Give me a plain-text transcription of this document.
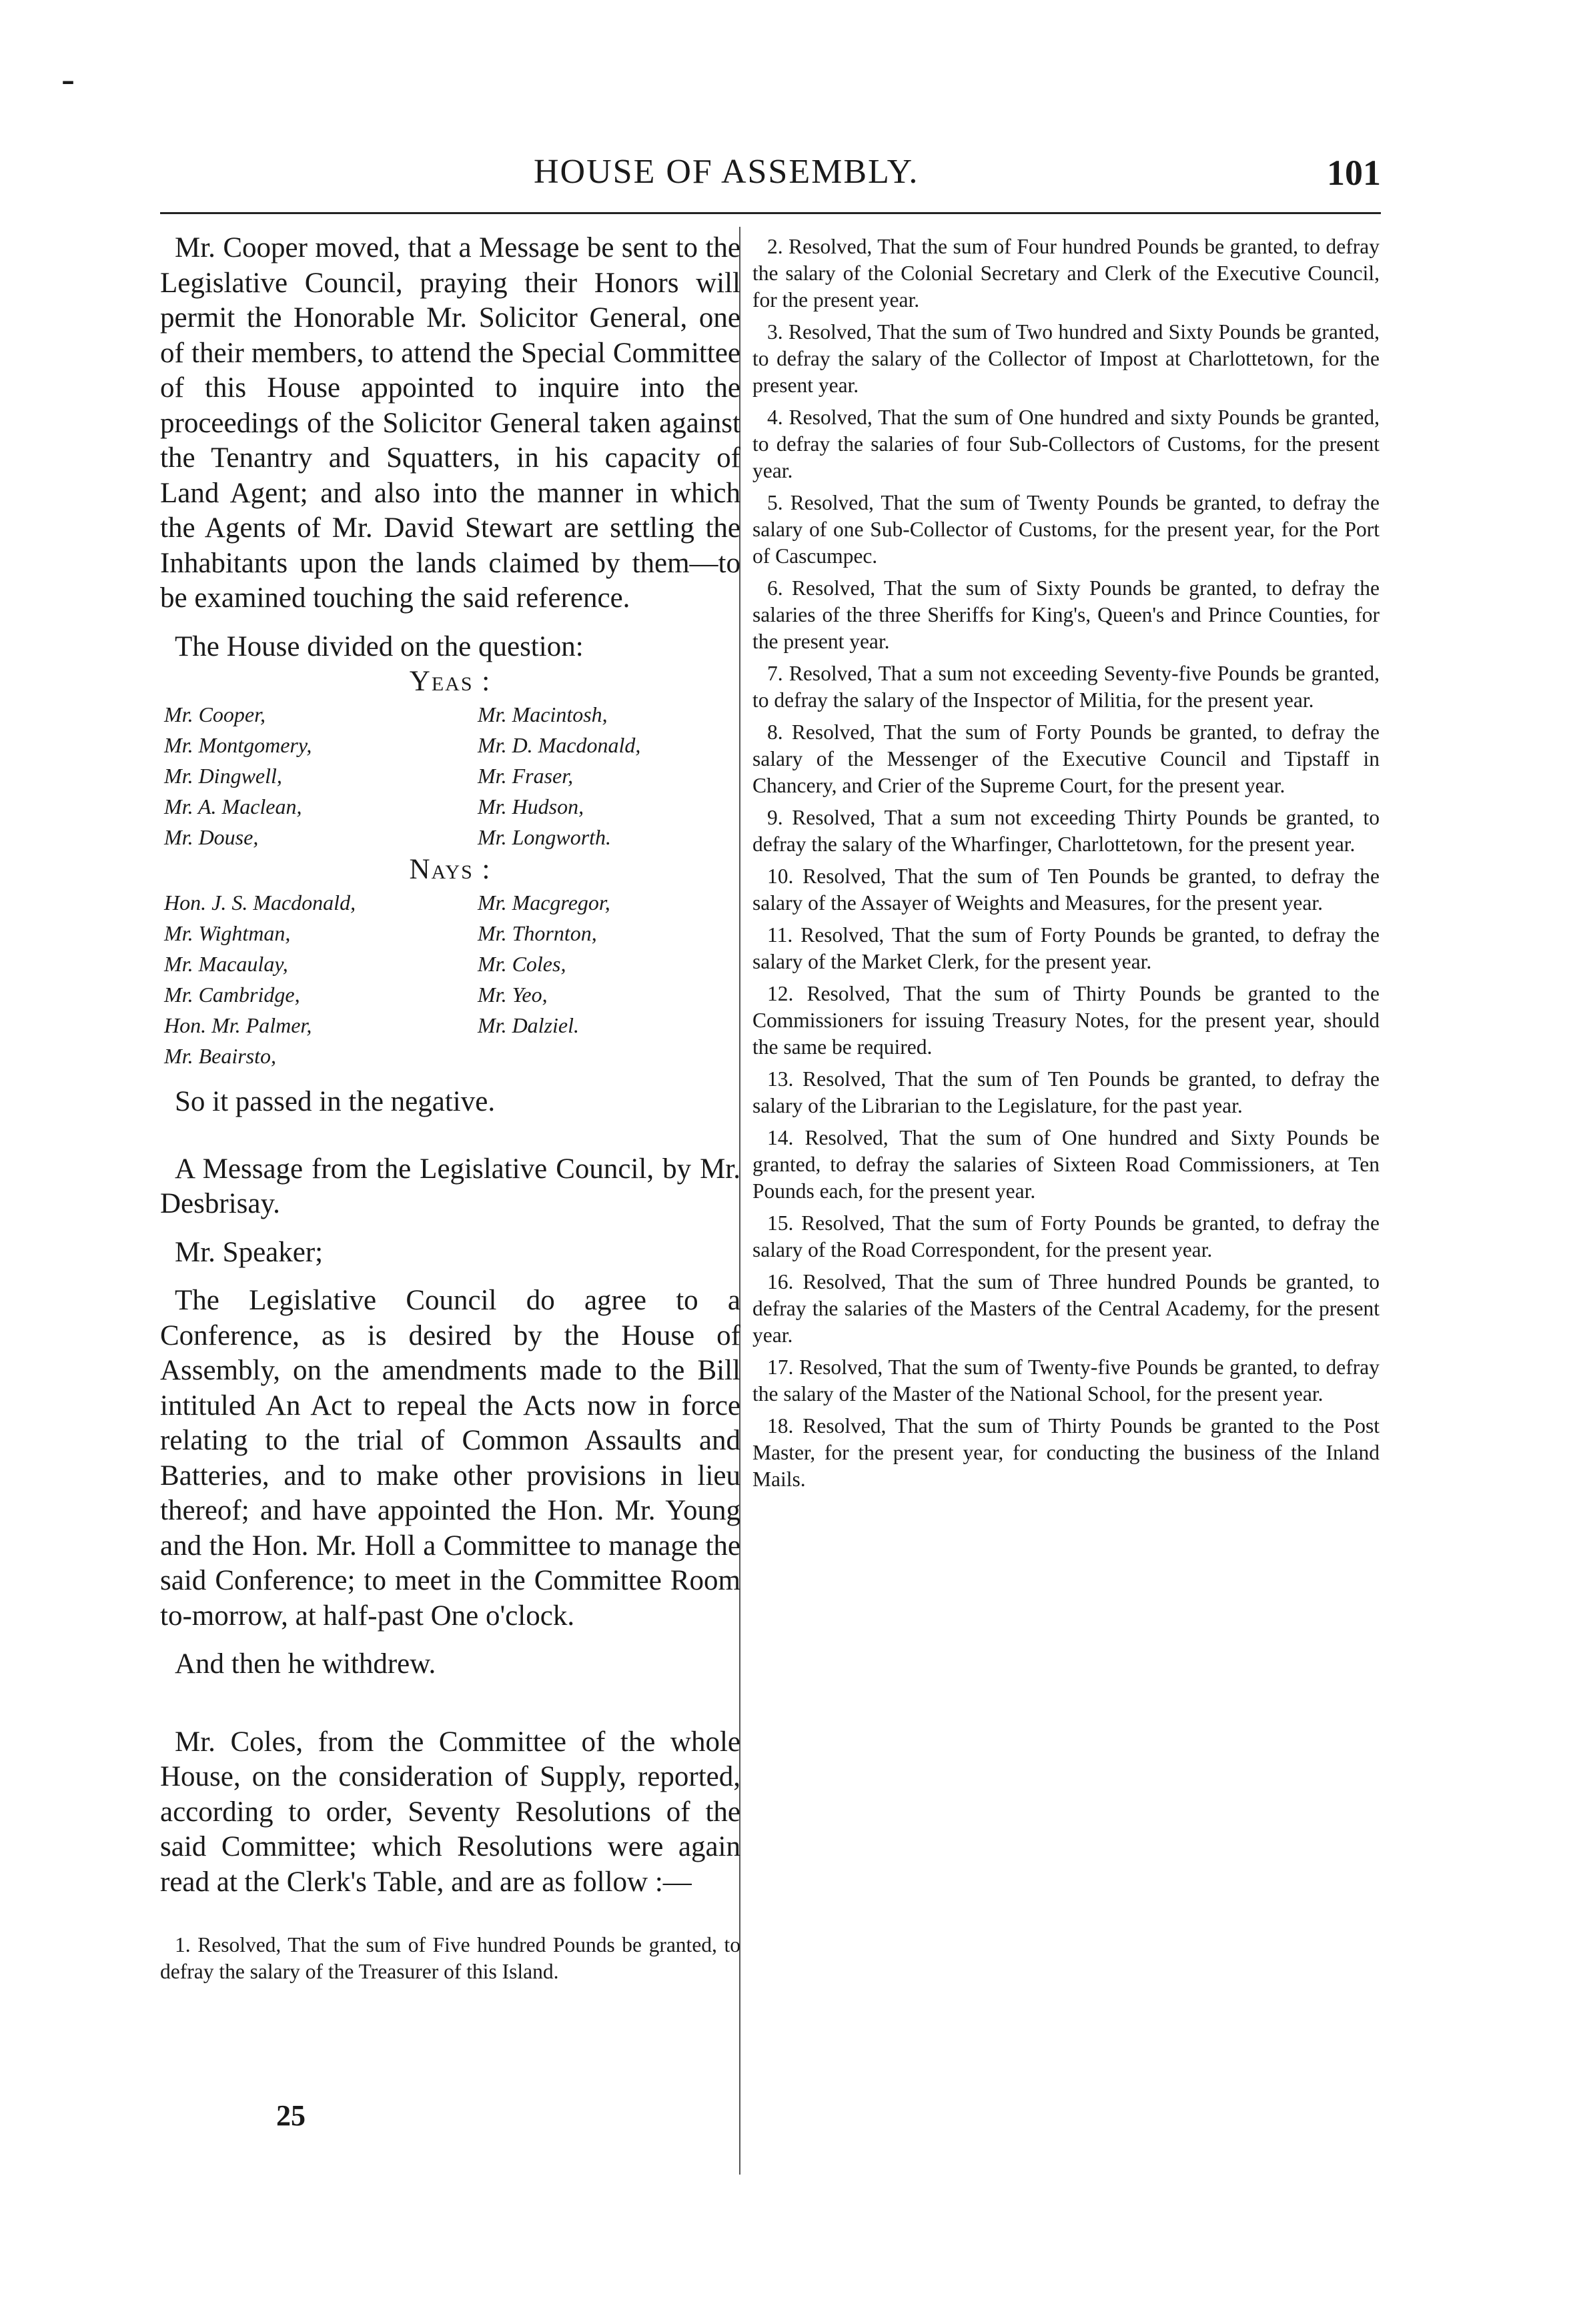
-
HOUSE OF ASSEMBLY.	101

Mr. Cooper moved, that a Message be sent to the Legislative Council, praying their Honors will permit the Honorable Mr. Solicitor General, one of their members, to attend the Special Committee of this House appointed to inquire into the proceedings of the Solicitor General taken against the Tenantry and Squatters, in his capacity of Land Agent; and also into the manner in which the Agents of Mr. David Stewart are settling the Inhabitants upon the lands claimed by them—to be examined touching the said reference.

The House divided on the question:

Yeas :
Mr. Cooper,	Mr. Macintosh,
Mr. Montgomery,	Mr. D. Macdonald,
Mr. Dingwell,	Mr. Fraser,
Mr. A. Maclean,	Mr. Hudson,
Mr. Douse,	Mr. Longworth.
Nays :
Hon. J. S. Macdonald,	Mr. Macgregor,
Mr. Wightman,	Mr. Thornton,
Mr. Macaulay,	Mr. Coles,
Mr. Cambridge,	Mr. Yeo,
Hon. Mr. Palmer,	Mr. Dalziel.
Mr. Beairsto,

So it passed in the negative.

A Message from the Legislative Council, by Mr. Desbrisay.

Mr. Speaker;

The Legislative Council do agree to a Conference, as is desired by the House of Assembly, on the amendments made to the Bill intituled An Act to repeal the Acts now in force relating to the trial of Common Assaults and Batteries, and to make other provisions in lieu thereof; and have appointed the Hon. Mr. Young and the Hon. Mr. Holl a Committee to manage the said Conference; to meet in the Committee Room to-morrow, at half-past One o'clock.

And then he withdrew.

Mr. Coles, from the Committee of the whole House, on the consideration of Supply, reported, according to order, Seventy Resolutions of the said Committee; which Resolutions were again read at the Clerk's Table, and are as follow :—

1. Resolved, That the sum of Five hundred Pounds be granted, to defray the salary of the Treasurer of this Island.

25

2. Resolved, That the sum of Four hundred Pounds be granted, to defray the salary of the Colonial Secretary and Clerk of the Executive Council, for the present year.

3. Resolved, That the sum of Two hundred and Sixty Pounds be granted, to defray the salary of the Collector of Impost at Charlottetown, for the present year.

4. Resolved, That the sum of One hundred and sixty Pounds be granted, to defray the salaries of four Sub-Collectors of Customs, for the present year.

5. Resolved, That the sum of Twenty Pounds be granted, to defray the salary of one Sub-Collector of Customs, for the present year, for the Port of Cascumpec.

6. Resolved, That the sum of Sixty Pounds be granted, to defray the salaries of the three Sheriffs for King's, Queen's and Prince Counties, for the present year.

7. Resolved, That a sum not exceeding Seventy-five Pounds be granted, to defray the salary of the Inspector of Militia, for the present year.

8. Resolved, That the sum of Forty Pounds be granted, to defray the salary of the Messenger of the Executive Council and Tipstaff in Chancery, and Crier of the Supreme Court, for the present year.

9. Resolved, That a sum not exceeding Thirty Pounds be granted, to defray the salary of the Wharfinger, Charlottetown, for the present year.

10. Resolved, That the sum of Ten Pounds be granted, to defray the salary of the Assayer of Weights and Measures, for the present year.

11. Resolved, That the sum of Forty Pounds be granted, to defray the salary of the Market Clerk, for the present year.

12. Resolved, That the sum of Thirty Pounds be granted to the Commissioners for issuing Treasury Notes, for the present year, should the same be required.

13. Resolved, That the sum of Ten Pounds be granted, to defray the salary of the Librarian to the Legislature, for the past year.

14. Resolved, That the sum of One hundred and Sixty Pounds be granted, to defray the salaries of Sixteen Road Commissioners, at Ten Pounds each, for the present year.

15. Resolved, That the sum of Forty Pounds be granted, to defray the salary of the Road Correspondent, for the present year.

16. Resolved, That the sum of Three hundred Pounds be granted, to defray the salaries of the Masters of the Central Academy, for the present year.

17. Resolved, That the sum of Twenty-five Pounds be granted, to defray the salary of the Master of the National School, for the present year.

18. Resolved, That the sum of Thirty Pounds be granted to the Post Master, for the present year, for conducting the business of the Inland Mails.
